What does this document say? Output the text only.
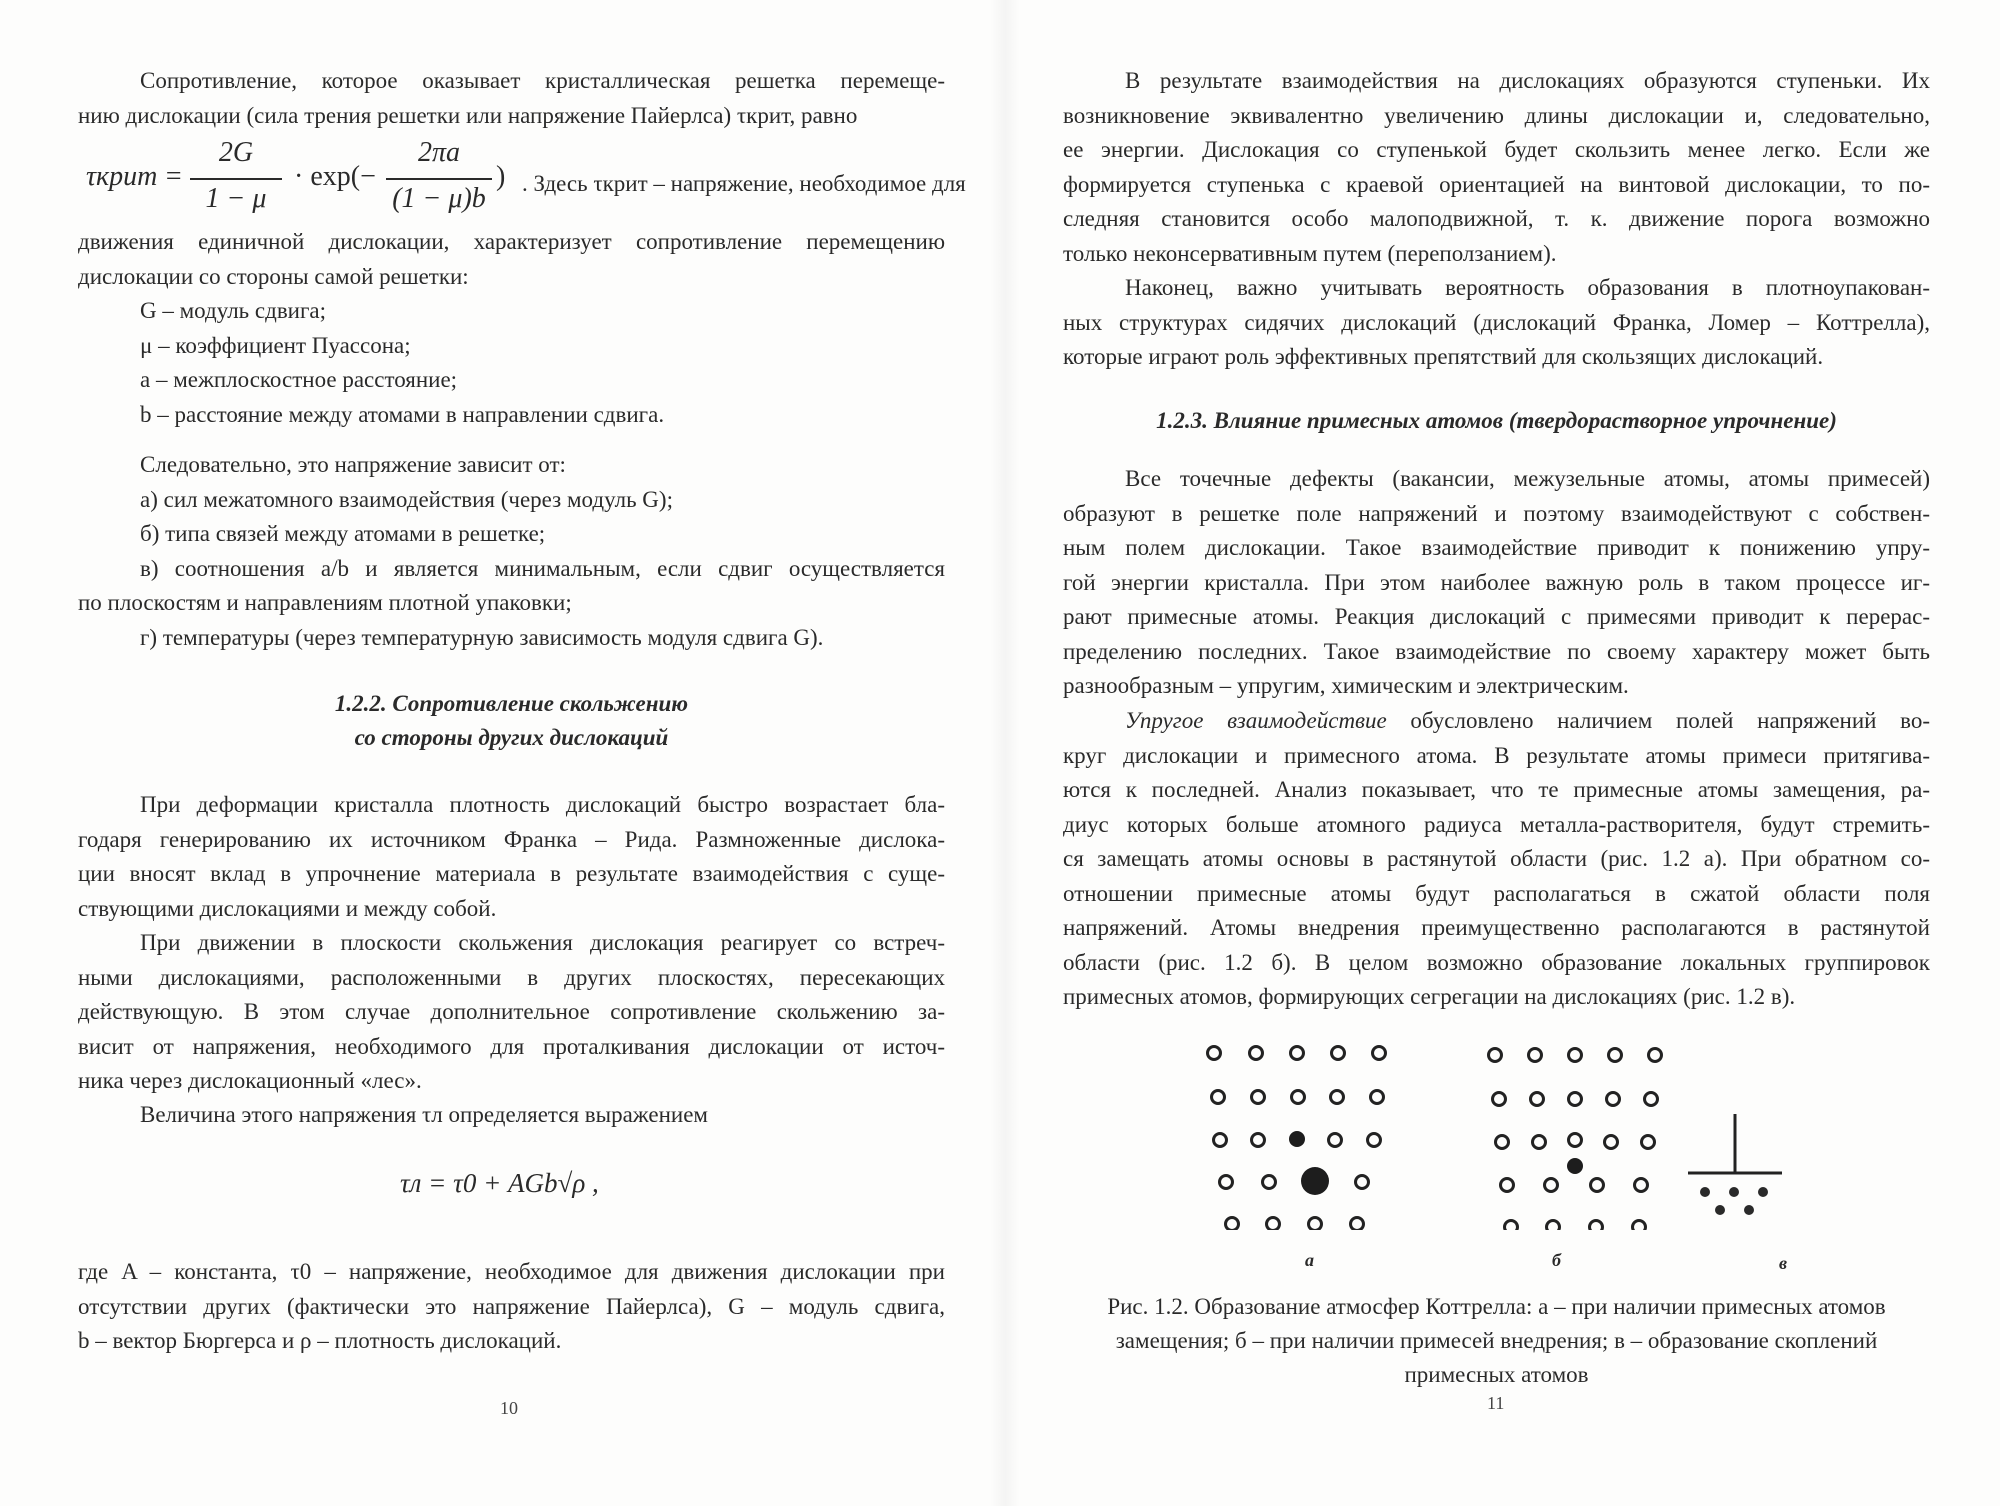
Сопротивление, которое оказывает кристаллическая решетка перемеще-
нию дислокации (сила трения решетки или напряжение Пайерлса) τкрит, равно
τкрит =
2G
1 − μ
· exp(−
2πa
(1 − μ)b
) . Здесь τкрит – напряжение, необходимое для
движения единичной дислокации, характеризует сопротивление перемещению
дислокации со стороны самой решетки:
G – модуль сдвига;
μ – коэффициент Пуассона;
a – межплоскостное расстояние;
b – расстояние между атомами в направлении сдвига.
Следовательно, это напряжение зависит от:
а) сил межатомного взаимодействия (через модуль G);
б) типа связей между атомами в решетке;
в) соотношения a/b и является минимальным, если сдвиг осуществляется
по плоскостям и направлениям плотной упаковки;
г) температуры (через температурную зависимость модуля сдвига G).
1.2.2. Сопротивление скольжению
со стороны других дислокаций
При деформации кристалла плотность дислокаций быстро возрастает бла-
годаря генерированию их источником Франка – Рида. Размноженные дислока-
ции вносят вклад в упрочнение материала в результате взаимодействия с суще-
ствующими дислокациями и между собой.
При движении в плоскости скольжения дислокация реагирует со встреч-
ными дислокациями, расположенными в других плоскостях, пересекающих
действующую. В этом случае дополнительное сопротивление скольжению за-
висит от напряжения, необходимого для проталкивания дислокации от источ-
ника через дислокационный «лес».
Величина этого напряжения τл определяется выражением
τл = τ0 + AGb√ρ ,
где A – константа, τ0 – напряжение, необходимое для движения дислокации при
отсутствии других (фактически это напряжение Пайерлса), G – модуль сдвига,
b – вектор Бюргерса и ρ – плотность дислокаций.
10
В результате взаимодействия на дислокациях образуются ступеньки. Их
возникновение эквивалентно увеличению длины дислокации и, следовательно,
ее энергии. Дислокация со ступенькой будет скользить менее легко. Если же
формируется ступенька с краевой ориентацией на винтовой дислокации, то по-
следняя становится особо малоподвижной, т. к. движение порога возможно
только неконсервативным путем (переползанием).
Наконец, важно учитывать вероятность образования в плотноупакован-
ных структурах сидячих дислокаций (дислокаций Франка, Ломер – Коттрелла),
которые играют роль эффективных препятствий для скользящих дислокаций.
1.2.3. Влияние примесных атомов (твердорастворное упрочнение)
Все точечные дефекты (вакансии, межузельные атомы, атомы примесей)
образуют в решетке поле напряжений и поэтому взаимодействуют с собствен-
ным полем дислокации. Такое взаимодействие приводит к понижению упру-
гой энергии кристалла. При этом наиболее важную роль в таком процессе иг-
рают примесные атомы. Реакция дислокаций с примесями приводит к перерас-
пределению последних. Такое взаимодействие по своему характеру может быть
разнообразным – упругим, химическим и электрическим.
Упругое взаимодействие обусловлено наличием полей напряжений во-
круг дислокации и примесного атома. В результате атомы примеси притягива-
ются к последней. Анализ показывает, что те примесные атомы замещения, ра-
диус которых больше атомного радиуса металла-растворителя, будут стремить-
ся замещать атомы основы в растянутой области (рис. 1.2 а). При обратном со-
отношении примесные атомы будут располагаться в сжатой области поля
напряжений. Атомы внедрения преимущественно располагаются в растянутой
области (рис. 1.2 б). В целом возможно образование локальных группировок
примесных атомов, формирующих сегрегации на дислокациях (рис. 1.2 в).
а	б	в
Рис. 1.2. Образование атмосфер Коттрелла: а – при наличии примесных атомов
замещения; б – при наличии примесей внедрения; в – образование скоплений
примесных атомов
11
